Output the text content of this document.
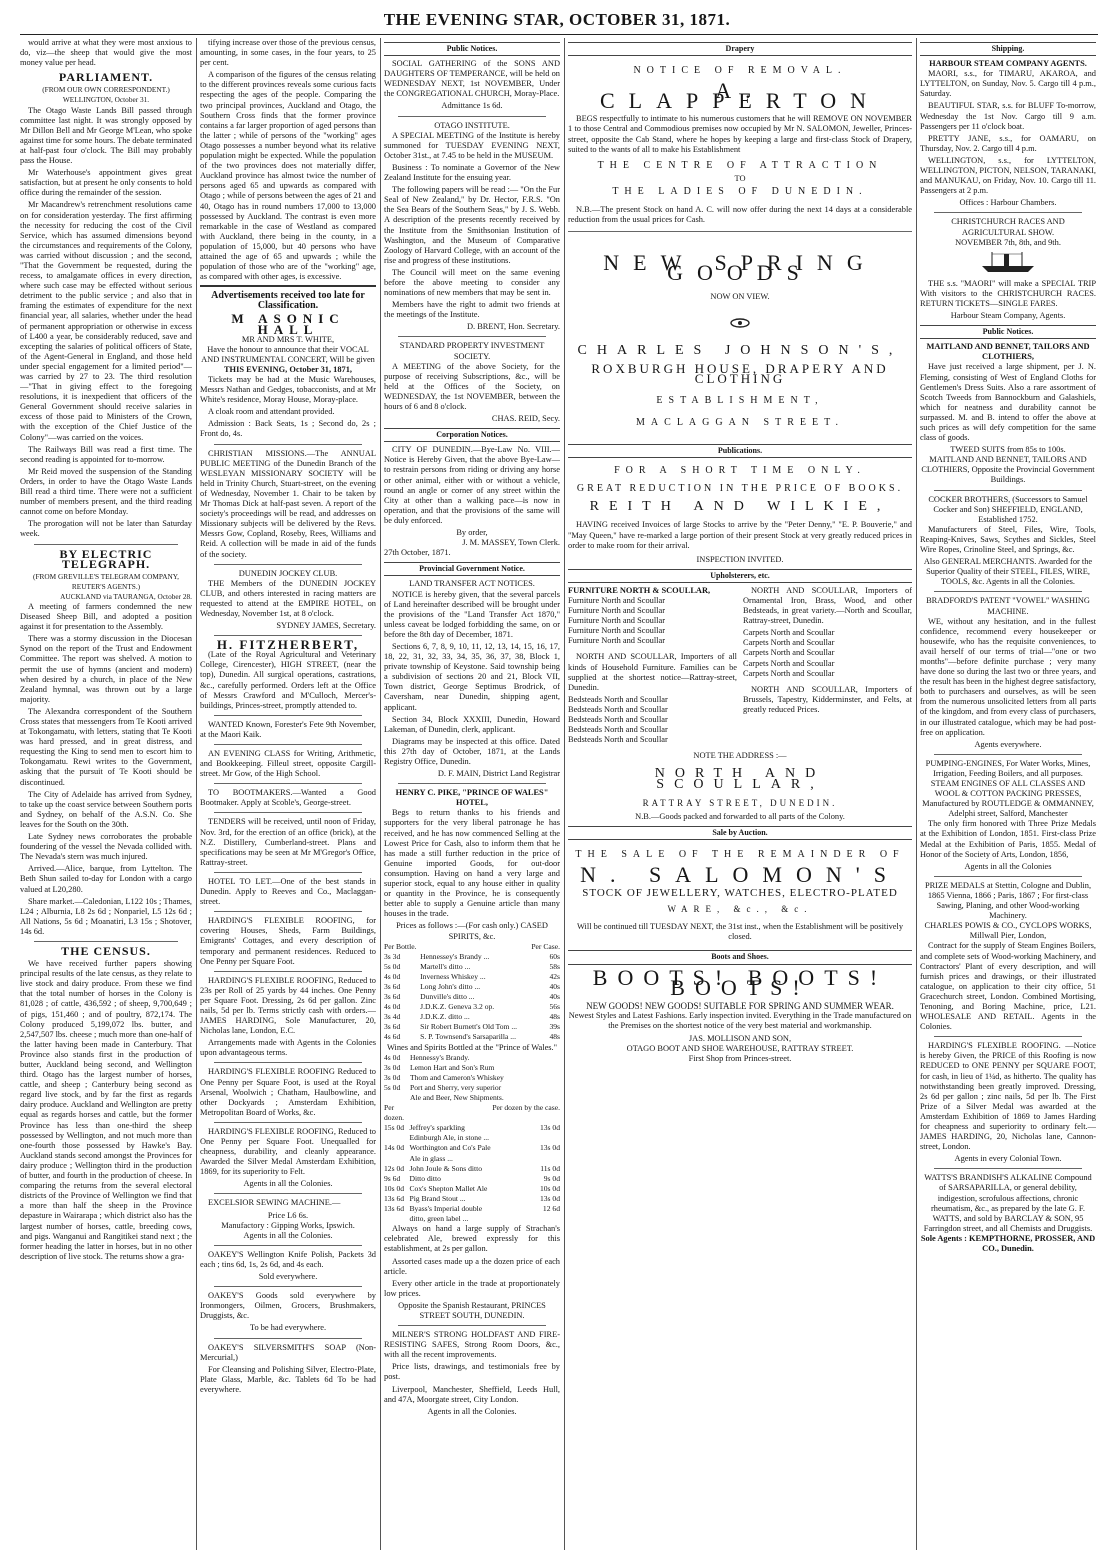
THE EVENING STAR, OCTOBER 31, 1871.

would arrive at what they were most anxious to do, viz—the sheep that would give the most money value per head.

PARLIAMENT.
(FROM OUR OWN CORRESPONDENT.)
WELLINGTON, October 31.

The Otago Waste Lands Bill passed through committee last night. It was strongly opposed by Mr Dillon Bell and Mr George M'Lean, who spoke against time for some hours. The debate terminated at half-past four o'clock. The Bill may probably pass the House.

Mr Waterhouse's appointment gives great satisfaction, but at present he only consents to hold office during the remainder of the session.

Mr Macandrew's retrenchment resolutions came on for consideration yesterday. The first affirming the necessity for reducing the cost of the Civil Service, which has assumed dimensions beyond the circumstances and requirements of the Colony, was carried without discussion ; and the second, "That the Government be requested, during the recess, to amalgamate offices in every direction, where such case may be effected without serious detriment to the public service ; and also that in framing the estimates of expenditure for the next financial year, all salaries, whether under the head of permanent appropriation or otherwise in excess of L400 a year, be considerably reduced, save and excepting the salaries of political officers of State, of the Agent-General in England, and those held under special engagement for a limited period"—was carried by 27 to 23. The third resolution—"That in giving effect to the foregoing resolutions, it is inexpedient that officers of the General Government should receive salaries in excess of those paid to Ministers of the Crown, with the exception of the Chief Justice of the Colony"—was carried on the voices.

The Railways Bill was read a first time. The second reading is appointed for to-morrow.

Mr Reid moved the suspension of the Standing Orders, in order to have the Otago Waste Lands Bill read a third time. There were not a sufficient number of members present, and the third reading cannot come on before Monday.

The prorogation will not be later than Saturday week.

BY ELECTRIC TELEGRAPH.
(FROM GREVILLE'S TELEGRAM COMPANY, REUTER'S AGENTS.)
AUCKLAND via TAURANGA, October 28.

A meeting of farmers condemned the new Diseased Sheep Bill, and adopted a position against it for presentation to the Assembly.

There was a stormy discussion in the Diocesan Synod on the report of the Trust and Endowment Committee. The report was shelved. A motion to permit the use of hymns (ancient and modern) when desired by a church, in place of the New Zealand hymnal, was thrown out by a large majority.

The Alexandra correspondent of the Southern Cross states that messengers from Te Kooti arrived at Tokongamatu, with letters, stating that Te Kooti was hard pressed, and in great distress, and requesting the King to send men to escort him to Tokongamatu. Rewi writes to the Government, asking that the pursuit of Te Kooti should be discontinued.

The City of Adelaide has arrived from Sydney, to take up the coast service between Southern ports and Sydney, on behalf of the A.S.N. Co. She leaves for the South on the 30th.

Late Sydney news corroborates the probable foundering of the vessel the Nevada collided with. The Nevada's stern was much injured.

Arrived.—Alice, barque, from Lyttelton. The Beth Shun sailed to-day for London with a cargo valued at L20,280.

Share market.—Caledonian, L122 10s ; Thames, L24 ; Alburnia, L8 2s 6d ; Nonpariel, L5 12s 6d ; All Nations, 5s 6d ; Moanatiri, L3 15s ; Shotover, 14s 6d.

THE CENSUS.

We have received further papers showing principal results of the late census, as they relate to live stock and dairy produce. From these we find that the total number of horses in the Colony is 81,028 ; of cattle, 436,592 ; of sheep, 9,700,649 ; of pigs, 151,460 ; and of poultry, 872,174. The Colony produced 5,199,072 lbs. butter, and 2,547,507 lbs. cheese ; much more than one-half of the latter having been made in Canterbury. That Province also stands first in the production of butter, Auckland being second, and Wellington third. Otago has the largest number of horses, cattle, and sheep ; Canterbury being second as regard live stock, and by far the first as regards dairy produce. Auckland and Wellington are pretty equal as regards horses and cattle, but the former Province has less than one-third the sheep possessed by Wellington, and not much more than one-fourth those possessed by Hawke's Bay. Auckland stands second amongst the Provinces for dairy produce ; Wellington third in the production of butter, and fourth in the production of cheese. In comparing the returns from the several electoral districts of the Province of Wellington we find that a more than half the sheep in the Province depasture in Wairarapa ; which district also has the largest number of horses, cattle, breeding cows, and pigs. Wanganui and Rangitikei stand next ; the former heading the latter in horses, but in no other description of live stock. The returns show a gra-

tifying increase over those of the previous census, amounting, in some cases, in the four years, to 25 per cent.

A comparison of the figures of the census relating to the different provinces reveals some curious facts respecting the ages of the people. Comparing the two principal provinces, Auckland and Otago, the Southern Cross finds that the former province contains a far larger proportion of aged persons than the latter ; while of persons of the "working" ages Otago possesses a number beyond what its relative population might be expected. While the population of the two provinces does not materially differ, Auckland province has almost twice the number of persons aged 65 and upwards as compared with Otago ; while of persons between the ages of 21 and 40, Otago has in round numbers 17,000 to 13,000 possessed by Auckland. The contrast is even more remarkable in the case of Westland as compared with Auckland, there being in the county, in a population of 15,000, but 40 persons who have attained the age of 65 and upwards ; while the population of those who are of the "working" age, as compared with other ages, is excessive.

Advertisements received too late for Classification.
M ASONIC HALL
MR AND MRS T. WHITE,
Have the honour to announce that their VOCAL AND INSTRUMENTAL CONCERT, Will be given
THIS EVENING, October 31, 1871,

Tickets may be had at the Music Warehouses, Messrs Nathan and Gedges, tobacconists, and at Mr White's residence, Moray House, Moray-place.

A cloak room and attendant provided.

Admission : Back Seats, 1s ; Second do, 2s ; Front do, 4s.

CHRISTIAN MISSIONS.—The ANNUAL PUBLIC MEETING of the Dunedin Branch of the WESLEYAN MISSIONARY SOCIETY will be held in Trinity Church, Stuart-street, on the evening of Wednesday, November 1. Chair to be taken by Mr Thomas Dick at half-past seven. A report of the society's proceedings will be read, and addresses on Missionary subjects will be delivered by the Revs. Messrs Gow, Copland, Roseby, Rees, Williams and Reid. A collection will be made in aid of the funds of the society.

DUNEDIN JOCKEY CLUB.

THE Members of the DUNEDIN JOCKEY CLUB, and others interested in racing matters are requested to attend at the EMPIRE HOTEL, on Wednesday, November 1st, at 8 o'clock.

SYDNEY JAMES, Secretary.
H. FITZHERBERT,

(Late of the Royal Agricultural and Veterinary College, Cirencester), HIGH STREET, (near the top), Dunedin. All surgical operations, castrations, &c., carefully performed. Orders left at the Office of Messrs Crawford and M'Culloch, Mercer's-buildings, Princes-street, promptly attended to.

WANTED Known, Forester's Fete 9th November, at the Maori Kaik.

AN EVENING CLASS for Writing, Arithmetic, and Bookkeeping. Filleul street, opposite Cargill-street. Mr Gow, of the High School.

TO BOOTMAKERS.—Wanted a Good Bootmaker. Apply at Scoble's, George-street.

TENDERS will be received, until noon of Friday, Nov. 3rd, for the erection of an office (brick), at the N.Z. Distillery, Cumberland-street. Plans and specifications may be seen at Mr M'Gregor's Office, Rattray-street.

HOTEL TO LET.—One of the best stands in Dunedin. Apply to Reeves and Co., Maclaggan-street.

HARDING'S FLEXIBLE ROOFING, for covering Houses, Sheds, Farm Buildings, Emigrants' Cottages, and every description of temporary and permanent residences. Reduced to One Penny per Square Foot.

HARDING'S FLEXIBLE ROOFING, Reduced to 23s per Roll of 25 yards by 44 inches. One Penny per Square Foot. Dressing, 2s 6d per gallon. Zinc nails, 5d per lb. Terms strictly cash with orders.—JAMES HARDING, Sole Manufacturer, 20, Nicholas lane, London, E.C.

Arrangements made with Agents in the Colonies upon advantageous terms.

HARDING'S FLEXIBLE ROOFING Reduced to One Penny per Square Foot, is used at the Royal Arsenal, Woolwich ; Chatham, Haulbowline, and other Dockyards ; Amsterdam Exhibition, Metropolitan Board of Works, &c.

HARDING'S FLEXIBLE ROOFING, Reduced to One Penny per Square Foot. Unequalled for cheapness, durability, and cleanly appearance. Awarded the Silver Medal Amsterdam Exhibition, 1869, for its superiority to Felt.

Agents in all the Colonies.

EXCELSIOR SEWING MACHINE.—

Price L6 6s.
Manufactory : Gipping Works, Ipswich.
Agents in all the Colonies.

OAKEY'S Wellington Knife Polish, Packets 3d each ; tins 6d, 1s, 2s 6d, and 4s each.

Sold everywhere.

OAKEY'S Goods sold everywhere by Ironmongers, Oilmen, Grocers, Brushmakers, Druggists, &c.

To be had everywhere.

OAKEY'S SILVERSMITH'S SOAP (Non-Mercurial,)

For Cleansing and Polishing Silver, Electro-Plate, Plate Glass, Marble, &c. Tablets 6d To be had everywhere.

Public Notices.

SOCIAL GATHERING of the SONS AND DAUGHTERS OF TEMPERANCE, will be held on WEDNESDAY NEXT, 1st NOVEMBER, Under the CONGREGATIONAL CHURCH, Moray-Place.

Admittance 1s 6d.
OTAGO INSTITUTE.

A SPECIAL MEETING of the Institute is hereby summoned for TUESDAY EVENING NEXT, October 31st., at 7.45 to be held in the MUSEUM.

Business : To nominate a Governor of the New Zealand Institute for the ensuing year.

The following papers will be read :— "On the Fur Seal of New Zealand," by Dr. Hector, F.R.S. "On the Sea Bears of the Southern Seas," by J. S. Webb. A description of the presents recently received by the Institute from the Smithsonian Institution of Washington, and the Museum of Comparative Zoology of Harvard College, with an account of the rise and progress of these institutions.

The Council will meet on the same evening before the above meeting to consider any nominations of new members that may be sent in.

Members have the right to admit two friends at the meetings of the Institute.

D. BRENT, Hon. Secretary.
STANDARD PROPERTY INVESTMENT SOCIETY.

A MEETING of the above Society, for the purpose of receiving Subscriptions, &c., will be held at the Offices of the Society, on WEDNESDAY, the 1st NOVEMBER, between the hours of 6 and 8 o'clock.

CHAS. REID, Secy.
Corporation Notices.

CITY OF DUNEDIN.—Bye-Law No. VIII.—Notice is Hereby Given, that the above Bye-Law—to restrain persons from riding or driving any horse or other animal, either with or without a vehicle, round an angle or corner of any street within the City at other than a walking pace—is now in operation, and that the provisions of the same will be duly enforced.

By order,
J. M. MASSEY, Town Clerk.
27th October, 1871.
Provincial Government Notice.
LAND TRANSFER ACT NOTICES.

NOTICE is hereby given, that the several parcels of Land hereinafter described will be brought under the provisions of the "Land Transfer Act 1870," unless caveat be lodged forbidding the same, on or before the 8th day of December, 1871.

Sections 6, 7, 8, 9, 10, 11, 12, 13, 14, 15, 16, 17, 18, 22, 31, 32, 33, 34, 35, 36, 37, 38, Block 1, private township of Keystone. Said township being a subdivision of sections 20 and 21, Block VII, Town district, George Septimus Brodrick, of Caversham, near Dunedin, shipping agent, applicant.

Section 34, Block XXXIII, Dunedin, Howard Lakeman, of Dunedin, clerk, applicant.

Diagrams may be inspected at this office. Dated this 27th day of October, 1871, at the Lands Registry Office, Dunedin.

D. F. MAIN, District Land Registrar
HENRY C. PIKE, "PRINCE OF WALES" HOTEL,

Begs to return thanks to his friends and supporters for the very liberal patronage he has received, and he has now commenced Selling at the Lowest Price for Cash, also to inform them that he has made a still further reduction in the price of Genuine imported Goods, for out-door consumption. Having on hand a very large and superior stock, equal to any house either in quality or quantity in the Province, he is consequently better able to supply a Genuine article than many houses in the trade.

Prices as follows :—(For cash only.) CASED SPIRITS, &c.
Per Bottle.		Per Case.
3s 3d	Hennessey's Brandy ...	60s
5s 0d	Martell's ditto ...	58s
4s 0d	Inverness Whiskey ...	42s
3s 6d	Long John's ditto ...	40s
3s 6d	Dunville's ditto ...	40s
4s 0d	J.D.K.Z. Geneva 3.2 op.	56s
3s 4d	J.D.K.Z. ditto ...	48s
3s 6d	Sir Robert Burnett's Old Tom ...	39s
4s 6d	S. P. Townsend's Sarsaparilla ...	48s
Wines and Spirits Bottled at the "Prince of Wales."
4s 0d	Hennessy's Brandy.
3s 0d	Lemon Hart and Son's Rum
3s 0d	Thom and Cameron's Whiskey
5s 0d	Port and Sherry, very superior
	Ale and Beer, New Shipments.
Per dozen.		Per dozen by the case.
15s 0d	Jeffrey's sparkling Edinburgh Ale, in stone ...	13s 0d
14s 0d	Worthington and Co's Pale Ale in glass ...	13s 0d
12s 0d	John Joule & Sons ditto	11s 0d
9s 6d	Ditto ditto	9s 0d
10s 0d	Cox's Shepton Mallet Ale	10s 0d
13s 6d	Pig Brand Stout ...	13s 0d
13s 6d	Byass's Imperial double ditto, green label ...	12 6d

Always on hand a large supply of Strachan's celebrated Ale, brewed expressly for this establishment, at 2s per gallon.

Assorted cases made up a the dozen price of each article.

Every other article in the trade at proportionately low prices.

Opposite the Spanish Restaurant, PRINCES STREET SOUTH, DUNEDIN.

MILNER'S STRONG HOLDFAST AND FIRE-RESISTING SAFES, Strong Room Doors, &c., with all the recent improvements.

Price lists, drawings, and testimonials free by post.

Liverpool, Manchester, Sheffield, Leeds Hull, and 47A, Moorgate street, City London.

Agents in all the Colonies.
Drapery
NOTICE OF REMOVAL.
A. CLAPPERTON

BEGS respectfully to intimate to his numerous customers that he will REMOVE ON NOVEMBER 1 to those Central and Commodious premises now occupied by Mr N. SALOMON, Jeweller, Princes-street, opposite the Cab Stand, where he hopes by keeping a large and first-class Stock of Drapery, suited to the wants of all to make his Establishment

THE CENTRE OF ATTRACTION
TO
THE LADIES OF DUNEDIN.

N.B.—The present Stock on hand A. C. will now offer during the next 14 days at a considerable reduction from the usual prices for Cash.

NEW SPRING GOODS
NOW ON VIEW.
CHARLES JOHNSON'S,
ROXBURGH HOUSE, DRAPERY AND CLOTHING
ESTABLISHMENT,
MACLAGGAN STREET.
Publications.
FOR A SHORT TIME ONLY.
GREAT REDUCTION IN THE PRICE OF BOOKS.
REITH AND WILKIE,

HAVING received Invoices of large Stocks to arrive by the "Peter Denny," "E. P. Bouverie," and "May Queen," have re-marked a large portion of their present Stock at very greatly reduced prices in order to make room for their arrival.

INSPECTION INVITED.
Upholsterers, etc.
FURNITURE NORTH & SCOULLAR,
Furniture North and Scoullar
Furniture North and Scoullar
Furniture North and Scoullar
Furniture North and Scoullar
Furniture North and Scoullar

NORTH AND SCOULLAR, Importers of all kinds of Household Furniture. Families can be supplied at the shortest notice—Rattray-street, Dunedin.

Bedsteads North and Scoullar
Bedsteads North and Scoullar
Bedsteads North and Scoullar
Bedsteads North and Scoullar
Bedsteads North and Scoullar

NORTH AND SCOULLAR, Importers of Ornamental Iron, Brass, Wood, and other Bedsteads, in great variety.—North and Scoullar, Rattray-street, Dunedin.

Carpets North and Scoullar
Carpets North and Scoullar
Carpets North and Scoullar
Carpets North and Scoullar
Carpets North and Scoullar

NORTH AND SCOULLAR, Importers of Brussels, Tapestry, Kidderminster, and Felts, at greatly reduced Prices.

NOTE THE ADDRESS :—
NORTH AND SCOULLAR,
RATTRAY STREET, DUNEDIN.
N.B.—Goods packed and forwarded to all parts of the Colony.
Sale by Auction.
THE SALE OF THE REMAINDER OF
N. SALOMON'S
STOCK OF JEWELLERY, WATCHES, ELECTRO-PLATED
WARE, &c., &c.
Will be continued till TUESDAY NEXT, the 31st inst., when the Establishment will be positively closed.
Boots and Shoes.
BOOTS! BOOTS! BOOTS!
NEW GOODS! NEW GOODS! SUITABLE FOR SPRING AND SUMMER WEAR.
Newest Styles and Latest Fashions. Early inspection invited. Everything in the Trade manufactured on the Premises on the shortest notice of the very best material and workmanship.
JAS. MOLLISON AND SON,
OTAGO BOOT AND SHOE WAREHOUSE, RATTRAY STREET.
First Shop from Princes-street.
Shipping.
HARBOUR STEAM COMPANY AGENTS.

MAORI, s.s., for TIMARU, AKAROA, and LYTTELTON, on Sunday, Nov. 5. Cargo till 4 p.m., Saturday.

BEAUTIFUL STAR, s.s. for BLUFF To-morrow, Wednesday the 1st Nov. Cargo till 9 a.m. Passengers per 11 o'clock boat.

PRETTY JANE, s.s., for OAMARU, on Thursday, Nov. 2. Cargo till 4 p.m.

WELLINGTON, s.s., for LYTTELTON, WELLINGTON, PICTON, NELSON, TARANAKI, and MANUKAU, on Friday, Nov. 10. Cargo till 11. Passengers at 2 p.m.

Offices : Harbour Chambers.
CHRISTCHURCH RACES AND AGRICULTURAL SHOW.
NOVEMBER 7th, 8th, and 9th.

THE s.s. "MAORI" will make a SPECIAL TRIP With visitors to the CHRISTCHURCH RACES. RETURN TICKETS—SINGLE FARES.

Harbour Steam Company, Agents.
Public Notices.
MAITLAND AND BENNET, TAILORS AND CLOTHIERS,

Have just received a large shipment, per J. N. Fleming, consisting of West of England Cloths for Gentlemen's Dress Suits. Also a rare assortment of Scotch Tweeds from Bannockburn and Galashiels, which for neatness and durability cannot be surpassed. M. and B. intend to offer the above at such prices as will defy competition for the same class of goods.

TWEED SUITS from 85s to 100s.
MAITLAND AND BENNET, TAILORS AND CLOTHIERS, Opposite the Provincial Government Buildings.
COCKER BROTHERS, (Successors to Samuel Cocker and Son) SHEFFIELD, ENGLAND, Established 1752.

Manufacturers of Steel, Files, Wire, Tools, Reaping-Knives, Saws, Scythes and Sickles, Steel Wire Ropes, Crinoline Steel, and Springs, &c.

Also GENERAL MERCHANTS. Awarded for the Superior Quality of their STEEL, FILES, WIRE, TOOLS, &c. Agents in all the Colonies.
BRADFORD'S PATENT "VOWEL" WASHING MACHINE.

WE, without any hesitation, and in the fullest confidence, recommend every housekeeper or housewife, who has the requisite conveniences, to avail herself of our terms of trial—"one or two months"—before definite purchase ; very many have done so during the last two or three years, and the result has been in the highest degree satisfactory, both to purchasers and ourselves, as will be seen from the numerous unsolicited letters from all parts of the kingdom, and from every class of purchasers, in our illustrated catalogue, which may be had post-free on application.

Agents everywhere.
PUMPING-ENGINES, For Water Works, Mines, Irrigation, Feeding Boilers, and all purposes. STEAM ENGINES OF ALL CLASSES AND WOOL & COTTON PACKING PRESSES, Manufactured by ROUTLEDGE & OMMANNEY, Adelphi street, Salford, Manchester

The only firm honored with Three Prize Medals at the Exhibition of London, 1851. First-class Prize Medal at the Exhibition of Paris, 1855. Medal of Honor of the Society of Arts, London, 1856,

Agents in all the Colonies
PRIZE MEDALS at Stettin, Cologne and Dublin, 1865 Vienna, 1866 ; Paris, 1867 ; For first-class Sawing, Planing, and other Wood-working Machinery.
CHARLES POWIS & CO., CYCLOPS WORKS, Millwall Pier, London,

Contract for the supply of Steam Engines Boilers, and complete sets of Wood-working Machinery, and Contractors' Plant of every description, and will furnish prices and drawings, or their illustrated catalogue, on application to their city office, 51 Gracechurch street, London. Combined Mortising, Tenoning, and Boring Machine, price, L21. WHOLESALE AND RETAIL. Agents in the Colonies.

HARDING'S FLEXIBLE ROOFING. —Notice is hereby Given, the PRICE of this Roofing is now REDUCED to ONE PENNY per SQUARE FOOT, for cash, in lieu of 1¼d, as hitherto. The quality has notwithstanding been greatly improved. Dressing, 2s 6d per gallon ; zinc nails, 5d per lb. The First Prize of a Silver Medal was awarded at the Amsterdam Exhibition of 1869 to James Harding for cheapness and superiority to ordinary felt.—JAMES HARDING, 20, Nicholas lane, Cannon-street, London.

Agents in every Colonial Town.
WATTS'S BRANDISH'S ALKALINE Compound of SARSAPARILLA, or general debility, indigestion, scrofulous affections, chronic rheumatism, &c., as prepared by the late G. F. WATTS, and sold by BARCLAY & SON, 95 Farringdon street, and all Chemists and Druggists.
Sole Agents : KEMPTHORNE, PROSSER, AND CO., Dunedin.
